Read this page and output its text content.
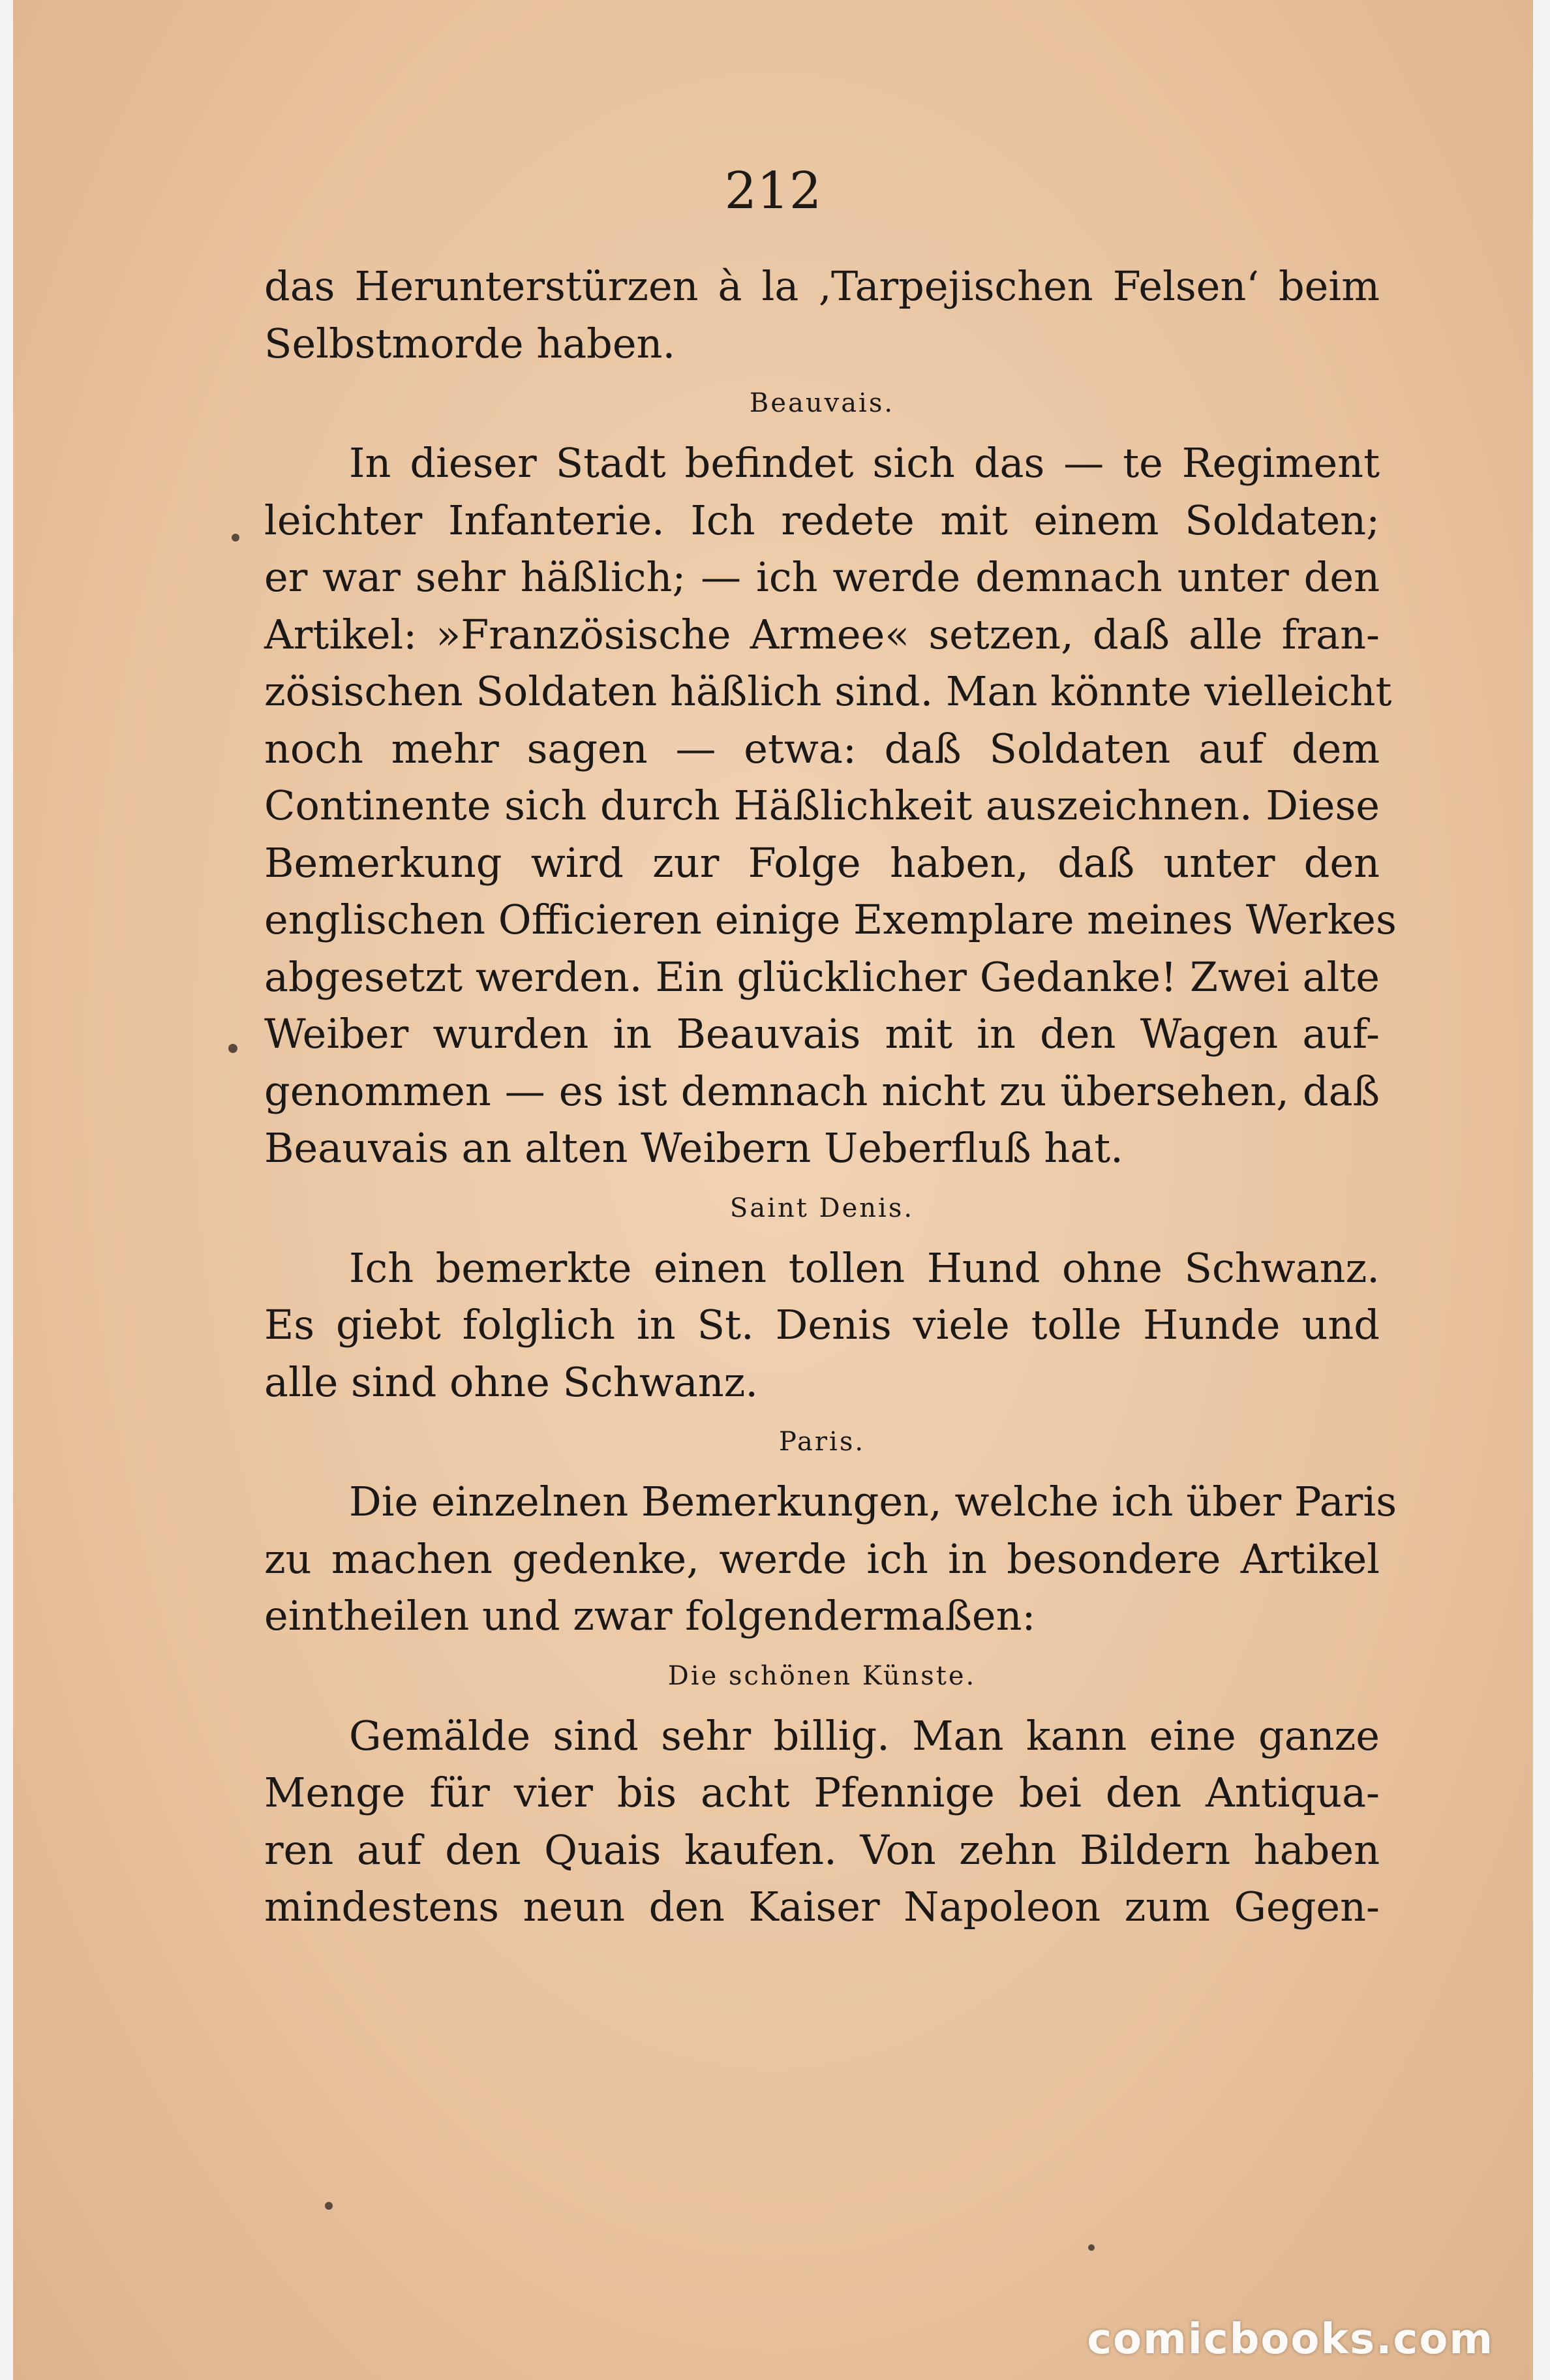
212
das Herunterstürzen à la ‚Tarpejischen Felsen‘ beim
Selbstmorde haben.
Beauvais.
In dieser Stadt befindet sich das — te Regiment
leichter Infanterie. Ich redete mit einem Soldaten;
er war sehr häßlich; — ich werde demnach unter den
Artikel: »Französische Armee« setzen, daß alle fran-
zösischen Soldaten häßlich sind. Man könnte vielleicht
noch mehr sagen — etwa: daß Soldaten auf dem
Continente sich durch Häßlichkeit auszeichnen. Diese
Bemerkung wird zur Folge haben, daß unter den
englischen Officieren einige Exemplare meines Werkes
abgesetzt werden. Ein glücklicher Gedanke! Zwei alte
Weiber wurden in Beauvais mit in den Wagen auf-
genommen — es ist demnach nicht zu übersehen, daß
Beauvais an alten Weibern Ueberfluß hat.
Saint Denis.
Ich bemerkte einen tollen Hund ohne Schwanz.
Es giebt folglich in St. Denis viele tolle Hunde und
alle sind ohne Schwanz.
Paris.
Die einzelnen Bemerkungen, welche ich über Paris
zu machen gedenke, werde ich in besondere Artikel
eintheilen und zwar folgendermaßen:
Die schönen Künste.
Gemälde sind sehr billig. Man kann eine ganze
Menge für vier bis acht Pfennige bei den Antiqua-
ren auf den Quais kaufen. Von zehn Bildern haben
mindestens neun den Kaiser Napoleon zum Gegen-
comicbooks.com
